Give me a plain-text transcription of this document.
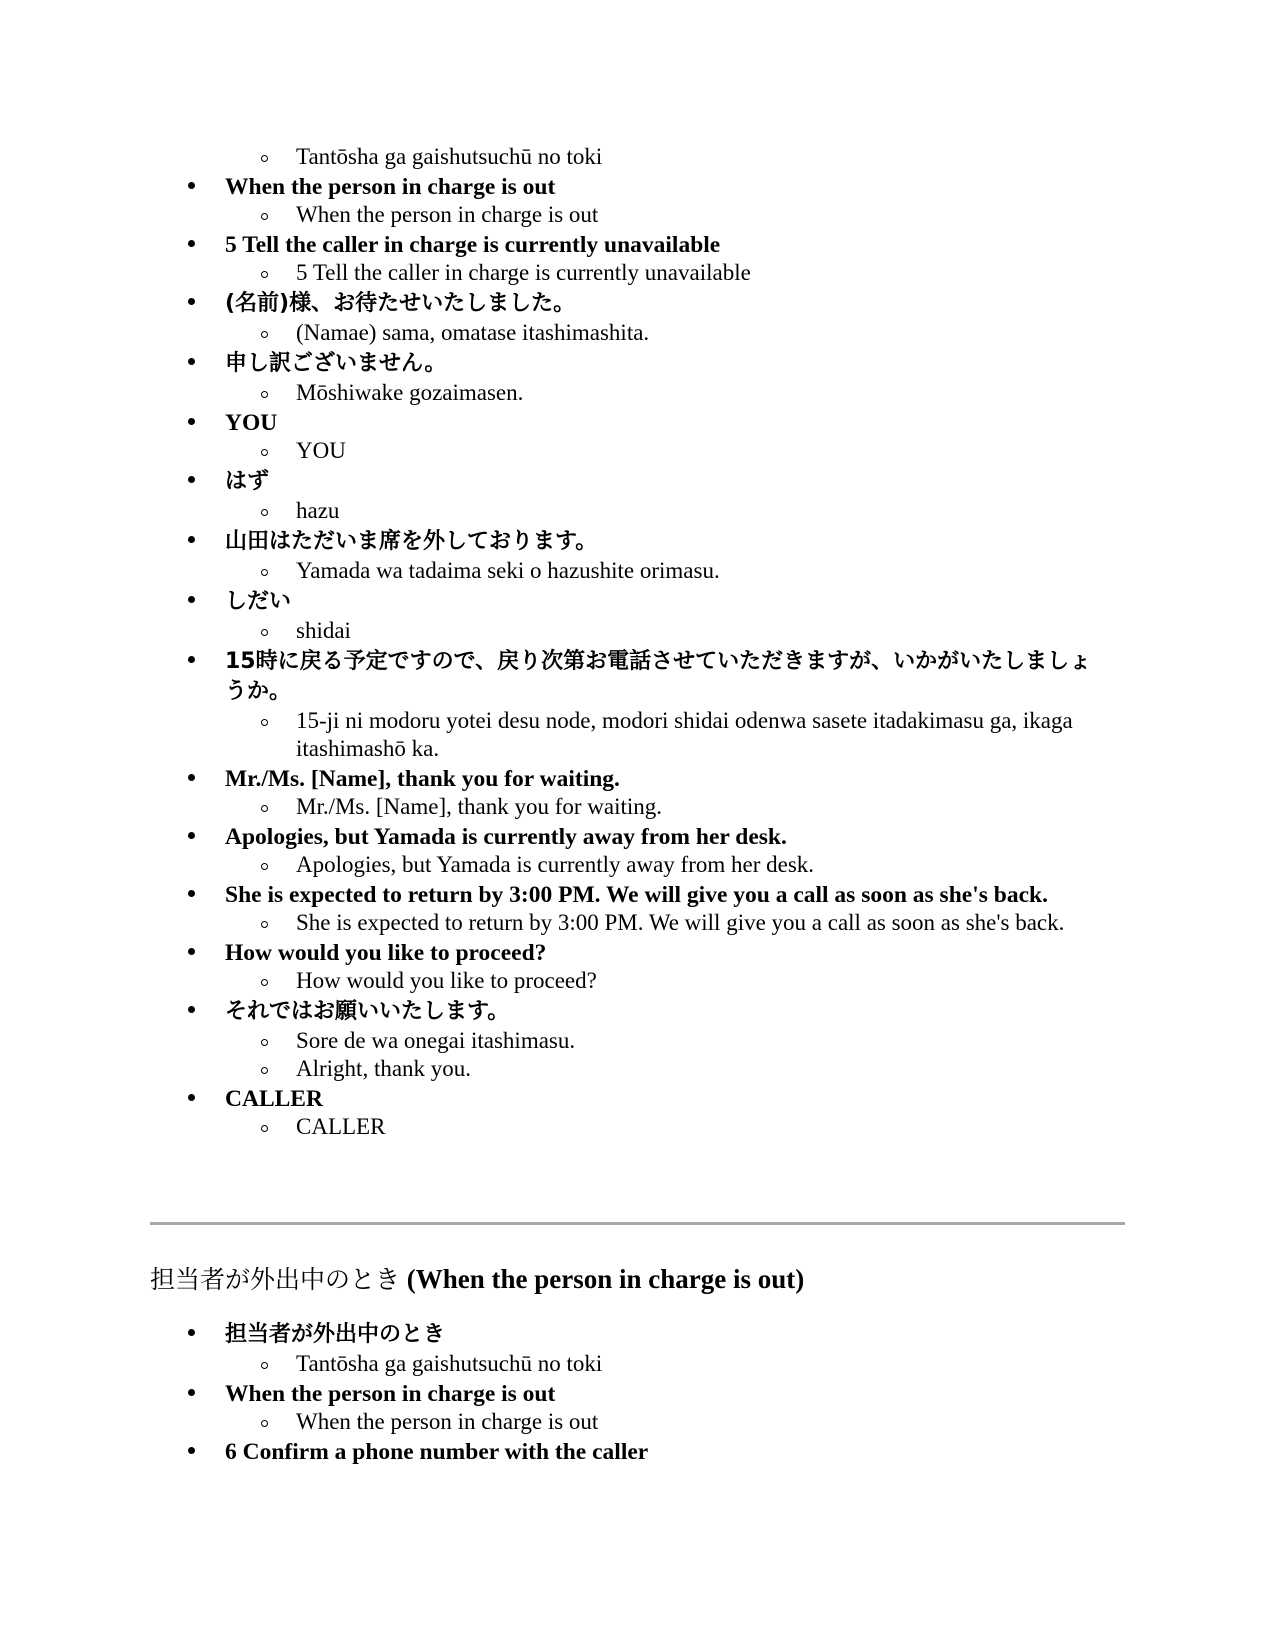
Tantōsha ga gaishutsuchū no toki
When the person in charge is out
When the person in charge is out
5 Tell the caller in charge is currently unavailable
5 Tell the caller in charge is currently unavailable
(名前)様、お待たせいたしました。
(Namae) sama, omatase itashimashita.
申し訳ございません。
Mōshiwake gozaimasen.
YOU
YOU
はず
hazu
山田はただいま席を外しております。
Yamada wa tadaima seki o hazushite orimasu.
しだい
shidai
15時に戻る予定ですので、戻り次第お電話させていただきますが、いかがいたしましょうか。
15-ji ni modoru yotei desu node, modori shidai odenwa sasete itadakimasu ga, ikaga itashimashō ka.
Mr./Ms. [Name], thank you for waiting.
Mr./Ms. [Name], thank you for waiting.
Apologies, but Yamada is currently away from her desk.
Apologies, but Yamada is currently away from her desk.
She is expected to return by 3:00 PM. We will give you a call as soon as she's back.
She is expected to return by 3:00 PM. We will give you a call as soon as she's back.
How would you like to proceed?
How would you like to proceed?
それではお願いいたします。
Sore de wa onegai itashimasu.
Alright, thank you.
CALLER
CALLER
担当者が外出中のとき (When the person in charge is out)
担当者が外出中のとき
Tantōsha ga gaishutsuchū no toki
When the person in charge is out
When the person in charge is out
6 Confirm a phone number with the caller
